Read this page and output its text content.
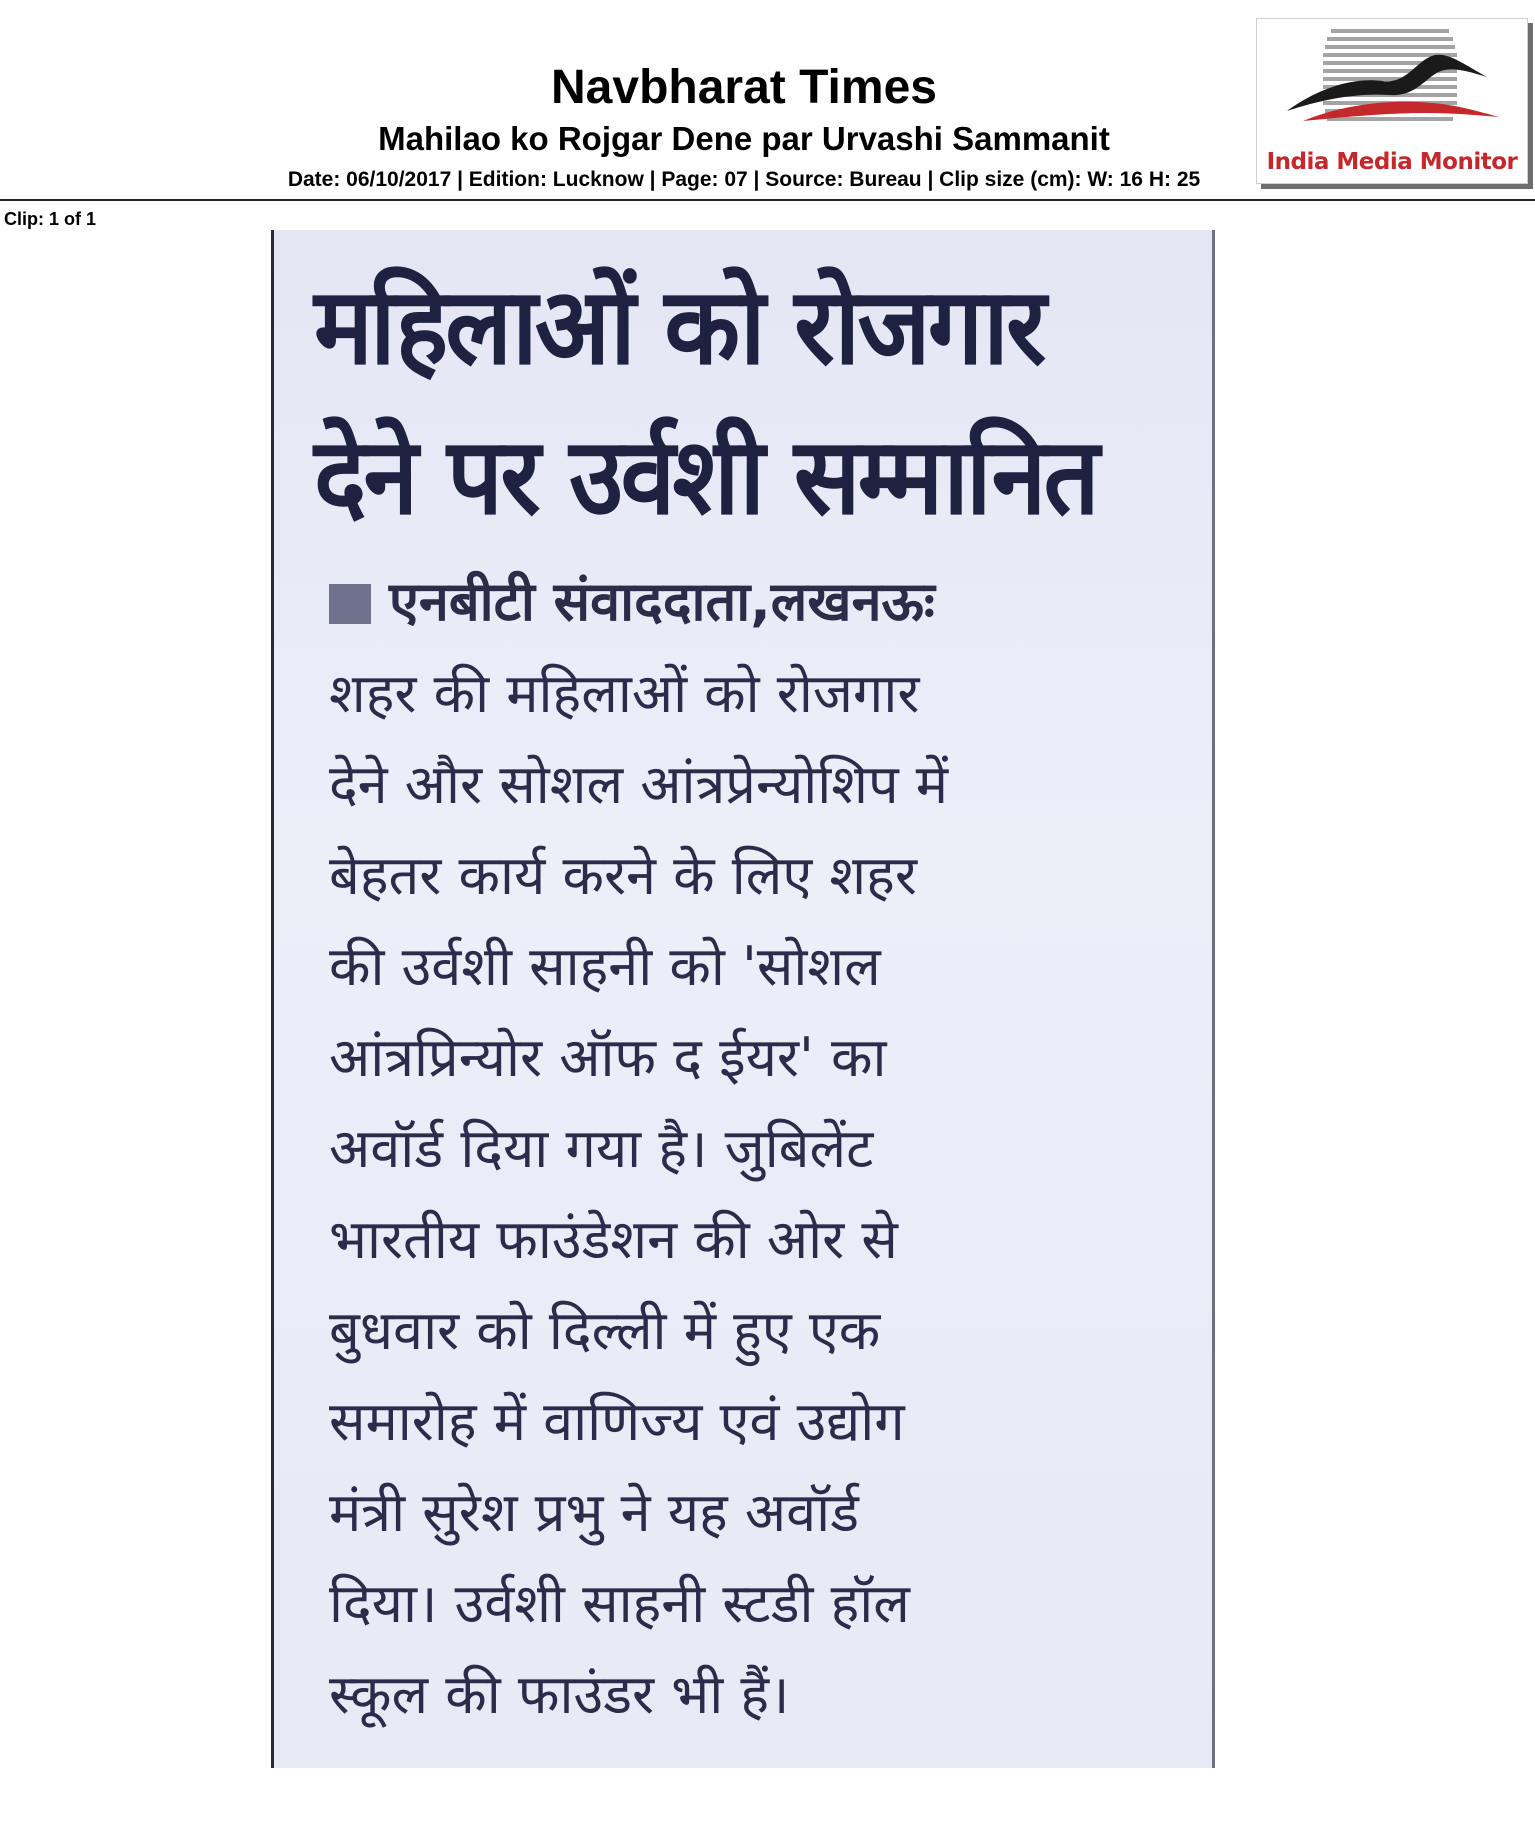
Navbharat Times
Mahilao ko Rojgar Dene par Urvashi Sammanit
Date: 06/10/2017 | Edition: Lucknow | Page: 07 | Source: Bureau | Clip size (cm): W: 16 H: 25
India Media Monitor
Clip: 1 of 1
महिलाओं को रोजगार
देने पर उर्वशी सम्मानित
एनबीटी संवाददाता,लखनऊः
शहर की महिलाओं को रोजगार
देने और सोशल आंत्रप्रेन्योशिप में
बेहतर कार्य करने के लिए शहर
की उर्वशी साहनी को 'सोशल
आंत्रप्रिन्योर ऑफ द ईयर' का
अवॉर्ड दिया गया है। जुबिलेंट
भारतीय फाउंडेशन की ओर से
बुधवार को दिल्ली में हुए एक
समारोह में वाणिज्य एवं उद्योग
मंत्री सुरेश प्रभु ने यह अवॉर्ड
दिया। उर्वशी साहनी स्टडी हॉल
स्कूल की फाउंडर भी हैं।
